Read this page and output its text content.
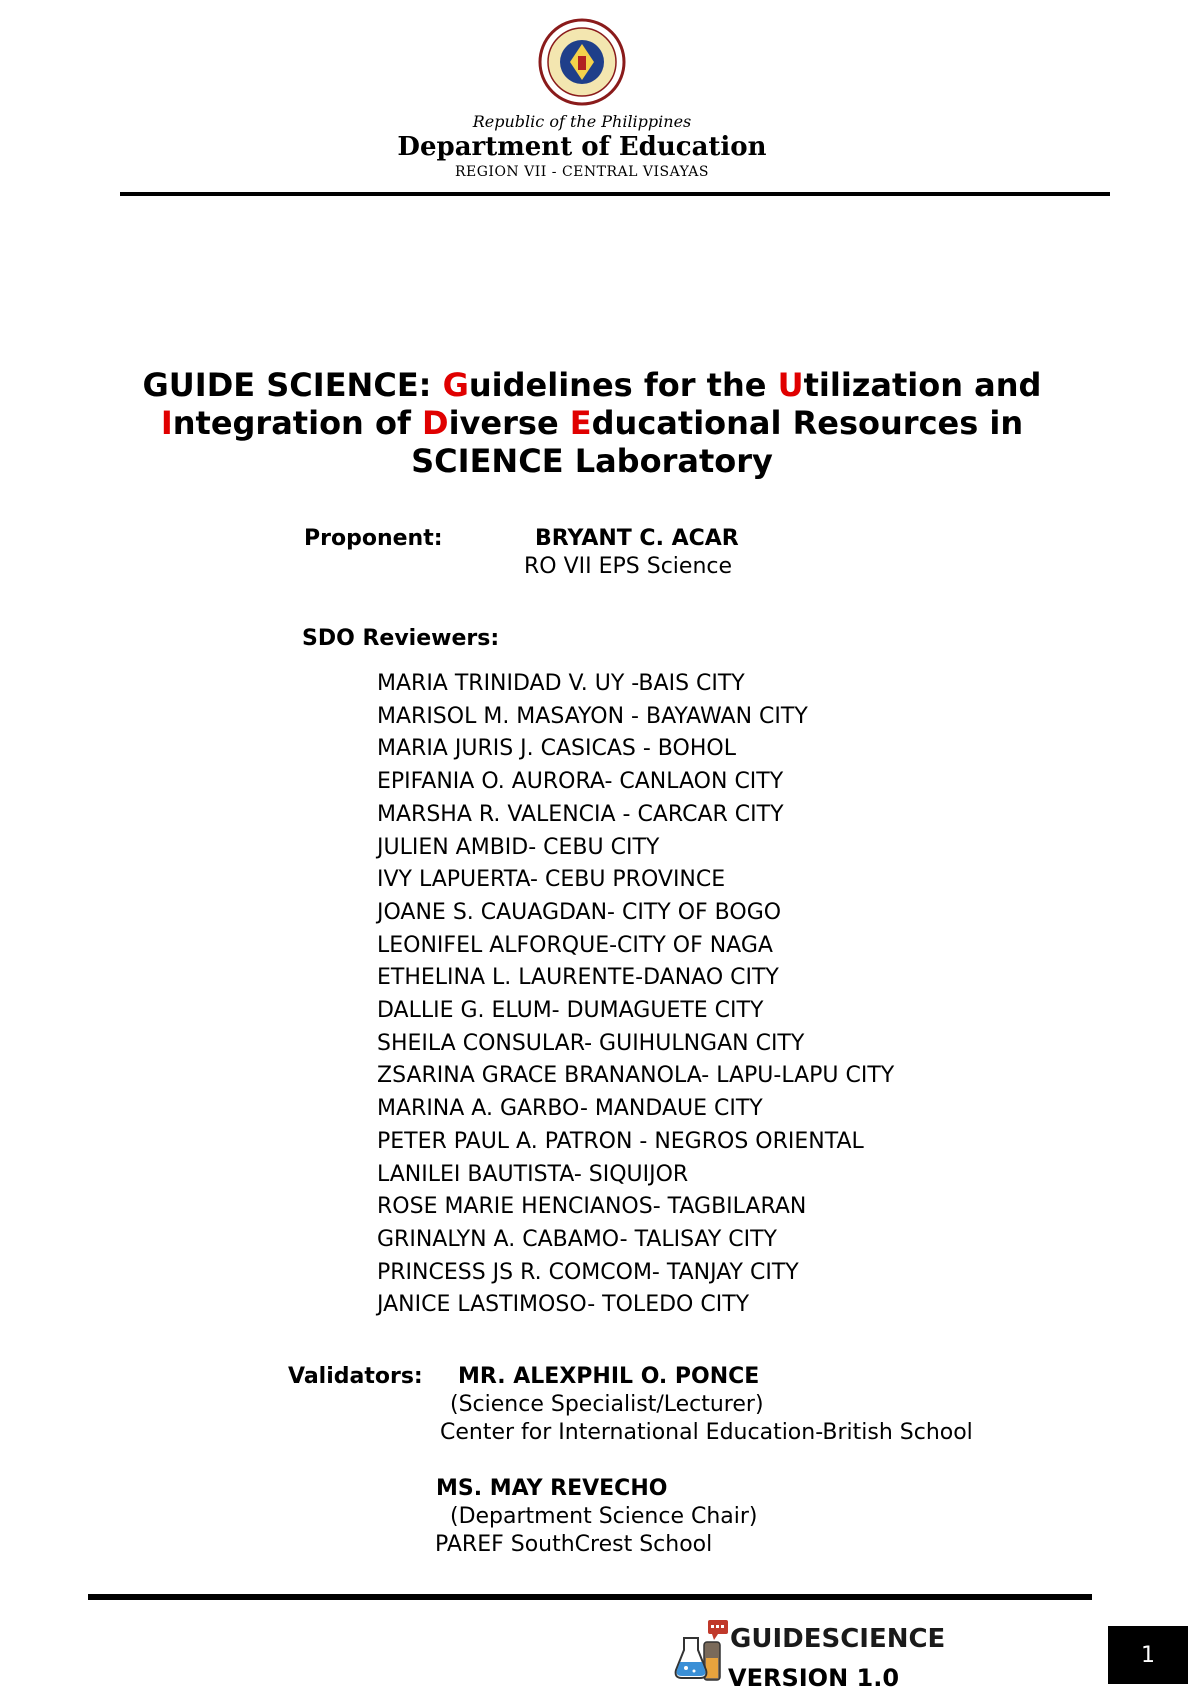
Republic of the Philippines
Department of Education
REGION VII - CENTRAL VISAYAS
GUIDE SCIENCE: Guidelines for the Utilization and
Integration of Diverse Educational Resources in
SCIENCE Laboratory
Proponent:	BRYANT C. ACAR
RO VII EPS Science
SDO Reviewers:
MARIA TRINIDAD V. UY -BAIS CITY
MARISOL M. MASAYON - BAYAWAN CITY
MARIA JURIS J. CASICAS - BOHOL
EPIFANIA O. AURORA- CANLAON CITY
MARSHA R. VALENCIA - CARCAR CITY
JULIEN AMBID- CEBU CITY
IVY LAPUERTA- CEBU PROVINCE
JOANE S. CAUAGDAN- CITY OF BOGO
LEONIFEL ALFORQUE-CITY OF NAGA
ETHELINA L. LAURENTE-DANAO CITY
DALLIE G. ELUM- DUMAGUETE CITY
SHEILA CONSULAR- GUIHULNGAN CITY
ZSARINA GRACE BRANANOLA- LAPU-LAPU CITY
MARINA A. GARBO- MANDAUE CITY
PETER PAUL A. PATRON - NEGROS ORIENTAL
LANILEI BAUTISTA- SIQUIJOR
ROSE MARIE HENCIANOS- TAGBILARAN
GRINALYN A. CABAMO- TALISAY CITY
PRINCESS JS R. COMCOM- TANJAY CITY
JANICE LASTIMOSO- TOLEDO CITY
Validators: MR. ALEXPHIL O. PONCE
(Science Specialist/Lecturer)
Center for International Education-British School
MS. MAY REVECHO
(Department Science Chair)
PAREF SouthCrest School
GUIDESCIENCE
VERSION 1.0
1
